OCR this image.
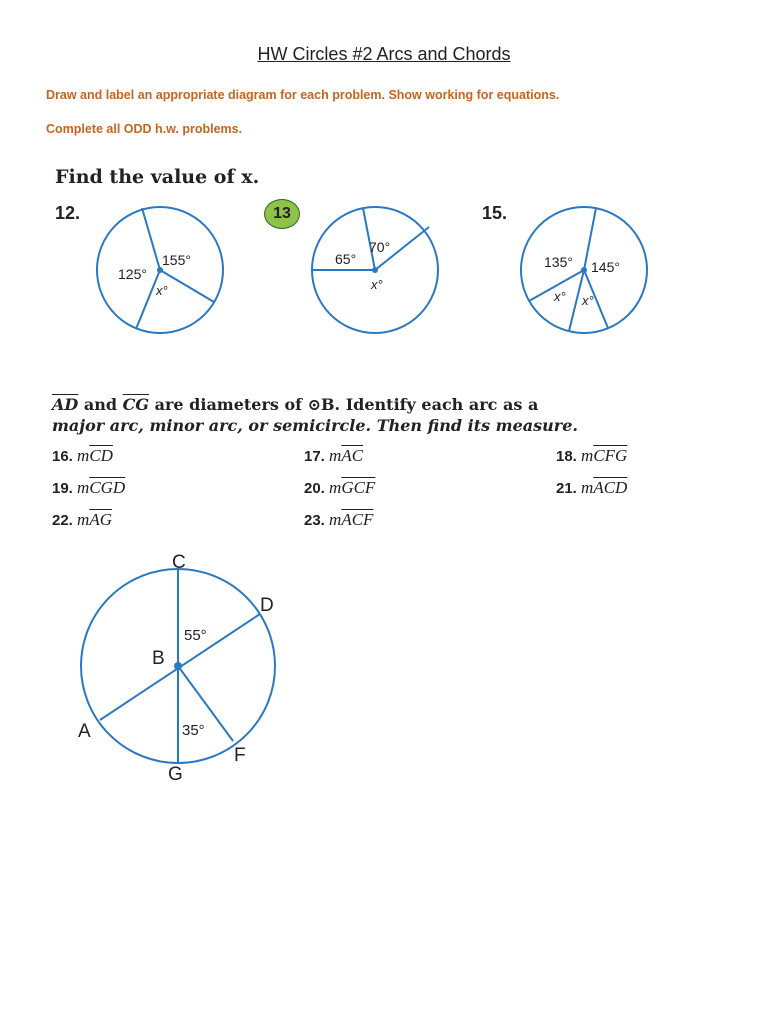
HW Circles #2 Arcs and Chords
Draw and label an appropriate diagram for each problem. Show working for equations.
Complete all ODD h.w. problems.
Find the value of x.
12.	13	15.
155°
125°
x°
70°
65°
x°
135° 145°
x° x°
$\overline{AD}$ and $\overline{CG}$ are diameters of ⊙B. Identify each arc as a
major arc, minor arc, or semicircle. Then find its measure.
16. $m\overline{CD}$	17. $m\overline{AC}$	18. $m\overline{CFG}$
19. $m\overline{CGD}$	20. $m\overline{GCF}$	21. $m\overline{ACD}$
22. $m\overline{AG}$	23. $m\overline{ACF}$
C
D
B
A
F
G
55°
35°
